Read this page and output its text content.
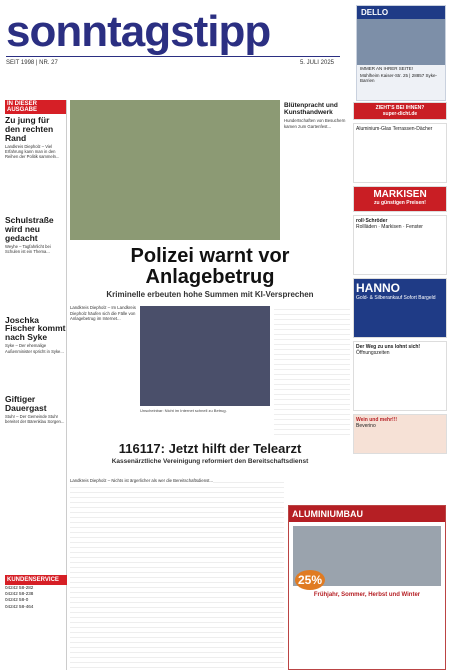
sonntagstipp
SEIT 1998 | NR. 27	5. JULI 2025
DELLO

IMMER AN IHRER SEITE!

Mühlheim Kaiser-Str. 25 | 28857 Syke-Barrien

IN DIESER AUSGABE
Zu jung für den rechten Rand
Landkreis Diepholz – Viel Erfahrung kann man in den Reihen der Politik sammeln...
Schulstraße wird neu gedacht
Weyhe – Tagfahrlicht bei Schulen ist ein Thema...
Joschka Fischer kommt nach Syke
Syke – Der ehemalige Außenminister spricht in Syke...
Giftiger Dauergast
Stuhr – Der Gemeinde Stuhr bereitet der Bärenklau Sorgen...
Blütenpracht und Kunsthandwerk
Hundertschaften von Besuchern kamen zum Gartenfest...
Polizei warnt vor Anlagebetrug
Kriminelle erbeuten hohe Summen mit KI-Versprechen
Landkreis Diepholz – Im Landkreis Diepholz häufen sich die Fälle von Anlagebetrug im Internet...
Unscheinbar: Nicht im Internet schnell zu Betrug.
116117: Jetzt hilft der Telearzt
Kassenärztliche Vereinigung reformiert den Bereitschaftsdienst
Landkreis Diepholz – Nichts ist ärgerlicher als wer die Bereitschaftsdienst...
ALUMINIUMBAU
25%
Frühjahr, Sommer, Herbst und Winter
ZIEHT'S BEI IHNEN?
super-dicht.de
Aluminium-Glas Terrassen-Dächer
MARKISEN
zu günstigen Preisen!
roll·Schröder
Rollläden · Markisen · Fenster
HANNO
Gold- & Silberankauf Sofort Bargeld
Der Weg zu uns lohnt sich!
Öffnungszeiten
Wein und mehr!!!
Beverino
KUNDENSERVICE
04242 58-282
04242 58-238
04242 58-0
04242 58-464
